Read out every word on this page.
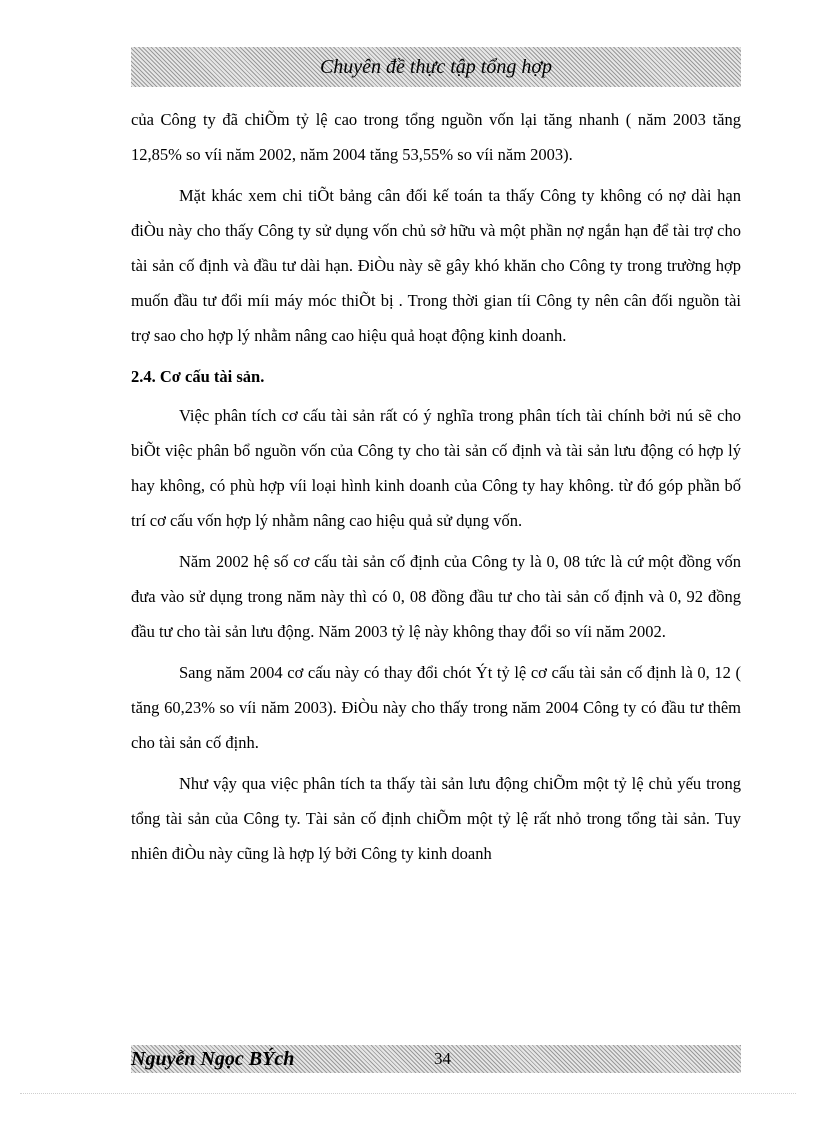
Chuyên đề thực tập tổng hợp

của Công ty đã chiÕm tỷ lệ cao trong tổng nguồn vốn lại tăng nhanh ( năm 2003 tăng 12,85% so víi năm 2002, năm 2004 tăng 53,55% so víi năm 2003).

Mặt khác xem chi tiÕt bảng cân đối kế toán ta thấy Công ty không có nợ dài hạn điÒu này cho thấy Công ty sử dụng vốn chủ sở hữu và một phần nợ ngắn hạn để tài trợ cho tài sản cố định và đầu tư dài hạn. ĐiÒu này sẽ gây khó khăn cho Công ty trong trường hợp muốn đầu tư đổi míi máy móc thiÕt bị . Trong thời gian tíi Công ty nên cân đối nguồn tài trợ sao cho hợp lý nhằm nâng cao hiệu quả hoạt động kinh doanh.

2.4. Cơ cấu tài sản.

Việc phân tích cơ cấu tài sản rất có ý nghĩa trong phân tích tài chính bởi nú sẽ cho biÕt việc phân bổ nguồn vốn của Công ty cho tài sản cố định và tài sản lưu động có hợp lý hay không, có phù hợp víi loại hình kinh doanh của Công ty hay không. từ đó góp phần bố trí cơ cấu vốn hợp lý nhằm nâng cao hiệu quả sử dụng vốn.

Năm 2002 hệ số cơ cấu tài sản cố định của Công ty là 0, 08 tức là cứ một đồng vốn đưa vào sử dụng trong năm này thì có 0, 08 đồng đầu tư cho tài sản cố định và 0, 92 đồng đầu tư cho tài sản lưu động. Năm 2003 tỷ lệ này không thay đổi so víi năm 2002.

Sang năm 2004 cơ cấu này có thay đổi chót Ýt tỷ lệ cơ cấu tài sản cố định là 0, 12 ( tăng 60,23% so víi năm 2003). ĐiÒu này cho thấy trong năm 2004 Công ty có đầu tư thêm cho tài sản cố định.

Như vậy qua việc phân tích ta thấy tài sản lưu động chiÕm một tỷ lệ chủ yếu trong tổng tài sản của Công ty. Tài sản cố định chiÕm một tỷ lệ rất nhỏ trong tổng tài sản. Tuy nhiên điÒu này cũng là hợp lý bởi Công ty kinh doanh

Nguyễn Ngọc BÝch	34
